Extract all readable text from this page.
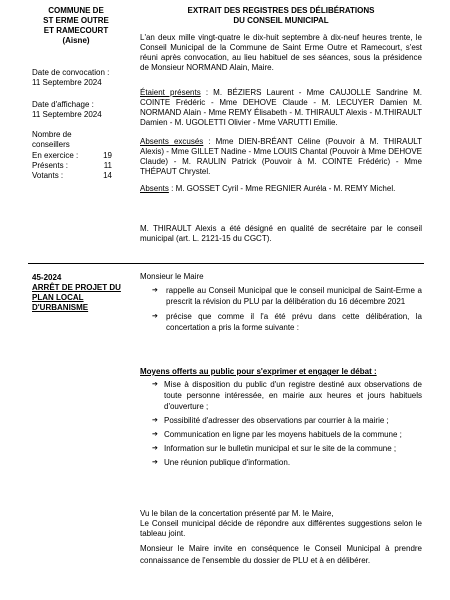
COMMUNE DE
ST ERME OUTRE
ET RAMECOURT
(Aisne)
Date de convocation :
11 Septembre 2024
Date d'affichage :
11 Septembre 2024
Nombre de
conseillers
En exercice :	19
Présents :	11
Votants :	14
EXTRAIT DES REGISTRES DES DÉLIBÉRATIONS
DU CONSEIL MUNICIPAL
L'an deux mille vingt-quatre le dix-huit septembre à dix-neuf heures trente, le Conseil Municipal de la Commune de Saint Erme Outre et Ramecourt, s'est réuni après convocation, au lieu habituel de ses séances, sous la présidence de Monsieur NORMAND Alain, Maire.
Étaient présents : M. BÉZIERS Laurent - Mme CAUJOLLE Sandrine M. COINTE Frédéric - Mme DEHOVE Claude - M. LECUYER Damien M. NORMAND Alain - Mme REMY Élisabeth - M. THIRAULT Alexis - M.THIRAULT Damien - M. UGOLETTI Olivier - Mme VARUTTI Emilie.
Absents excusés : Mme DIEN-BRÉANT Céline (Pouvoir à M. THIRAULT Alexis) - Mme GILLET Nadine - Mme LOUIS Chantal (Pouvoir à Mme DEHOVE Claude) - M. RAULIN Patrick (Pouvoir à M. COINTE Frédéric) - Mme THÉPAUT Chrystel.
Absents : M. GOSSET Cyril - Mme REGNIER Auréla - M. REMY Michel.
M. THIRAULT Alexis a été désigné en qualité de secrétaire par le conseil municipal (art. L. 2121-15 du CGCT).
45-2024
ARRÊT DE PROJET DU PLAN LOCAL D'URBANISME
Monsieur le Maire
➔ rappelle au Conseil Municipal que le conseil municipal de Saint-Erme a prescrit la révision du PLU par la délibération du 16 décembre 2021
➔ précise que comme il l'a été prévu dans cette délibération, la concertation a pris la forme suivante :
Moyens offerts au public pour s'exprimer et engager le débat :
➔ Mise à disposition du public d'un registre destiné aux observations de toute personne intéressée, en mairie aux heures et jours habituels d'ouverture ;
➔ Possibilité d'adresser des observations par courrier à la mairie ;
➔ Communication en ligne par les moyens habituels de la commune ;
➔ Information sur le bulletin municipal et sur le site de la commune ;
➔ Une réunion publique d'information.
Vu le bilan de la concertation présenté par M. le Maire,
Le Conseil municipal décide de répondre aux différentes suggestions selon le tableau joint.
Monsieur le Maire invite en conséquence le Conseil Municipal à prendre connaissance de l'ensemble du dossier de PLU et à en délibérer.
